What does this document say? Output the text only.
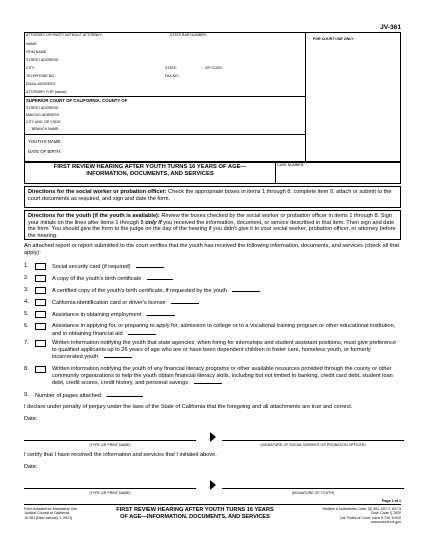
JV-361
ATTORNEY OR PARTY WITHOUT ATTORNEY:	STATE BAR NUMBER:
FOR COURT USE ONLY
NAME:
FIRM NAME:
STREET ADDRESS:
CITY:	STATE:	ZIP CODE:
TELEPHONE NO.:	FAX NO.:
EMAIL ADDRESS:
ATTORNEY FOR (name):
SUPERIOR COURT OF CALIFORNIA, COUNTY OF
STREET ADDRESS:
MAILING ADDRESS:
CITY AND ZIP CODE:
BRANCH NAME:
YOUTH'S NAME:
DATE OF BIRTH:
FIRST REVIEW HEARING AFTER YOUTH TURNS 16 YEARS OF AGE—
INFORMATION, DOCUMENTS, AND SERVICES
CASE NUMBER:
Directions for the social worker or probation officer: Check the appropriate boxes in items 1 through 8, complete item 9, attach or submit to the court documents as required, and sign and date the form.
Directions for the youth (if the youth is available): Review the boxes checked by the social worker or probation officer in items 1 through 8. Sign your initials on the lines after items 1 through 8 only if you received the information, document, or service described in that item. Then sign and date the form. You should give the form to the judge on the day of the hearing if you didn't give it to your social worker, probation officer, or attorney before the hearing.
An attached report or report submitted to the court verifies that the youth has received the following information, documents, and services (check all that apply):
1.	Social security card (if required)
2.	A copy of the youth's birth certificate
3.	A certified copy of the youth's birth certificate, if requested by the youth
4.	California identification card or driver's license
5.	Assistance in obtaining employment
6.	Assistance in applying for, or preparing to apply for, admission to college or to a vocational training program or other educational institution, and in obtaining financial aid
7.	Written information notifying the youth that state agencies, when hiring for internships and student assistant positions, must give preference to qualified applicants up to 26 years of age who are or have been dependent children in foster care, homeless youth, or formerly incarcerated youth
8.	Written information notifying the youth of any financial literacy programs or other available resources provided through the county or other community organizations to help the youth obtain financial literacy skills, including but not limited to banking, credit card debt, student loan debt, credit scores, credit history, and personal savings
9. Number of pages attached:
I declare under penalty of perjury under the laws of the State of California that the foregoing and all attachments are true and correct.
Date:
(TYPE OR PRINT NAME)	(SIGNATURE OF SOCIAL WORKER OR PROBATION OFFICER)
I certify that I have received the information and services that I initialed above.
Date:
(TYPE OR PRINT NAME)	(SIGNATURE OF YOUTH)
Page 1 of 1
Form Adopted for Mandatory Use
Judicial Council of California
JV-361 [New January 1, 2021]
FIRST REVIEW HEARING AFTER YOUTH TURNS 16 YEARS
OF AGE—INFORMATION, DOCUMENTS, AND SERVICES
Welfare & Institutions Code, §§ 391, 607.2, 607.5
Govt. Code § 7620
Cal. Rules of Court, rules 5.740, 5.810
www.courts.ca.gov
